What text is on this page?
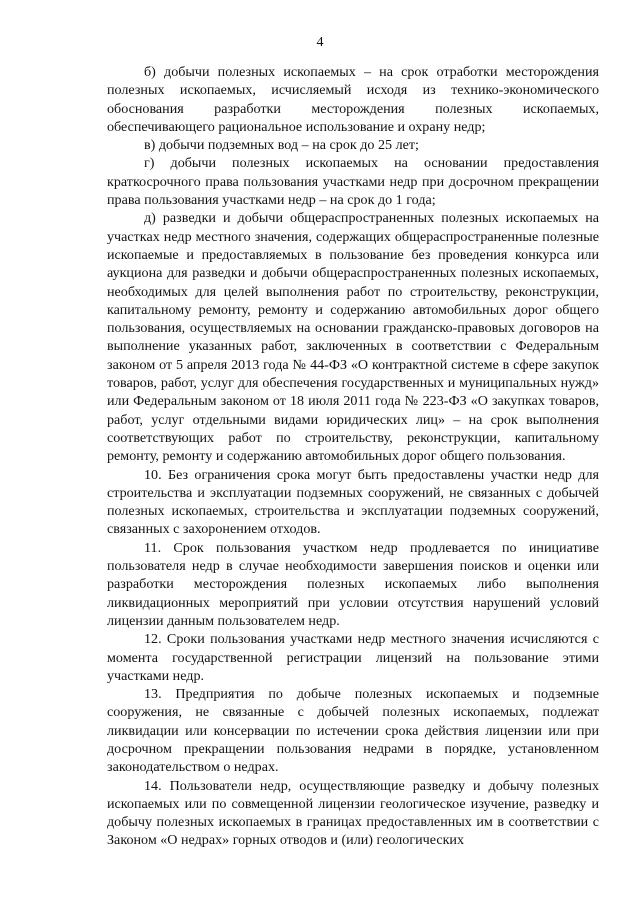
4

б) добычи полезных ископаемых – на срок отработки месторождения полезных ископаемых, исчисляемый исходя из технико-экономического обоснования разработки месторождения полезных ископаемых, обеспечивающего рациональное использование и охрану недр;

в) добычи подземных вод – на срок до 25 лет;

г) добычи полезных ископаемых на основании предоставления краткосрочного права пользования участками недр при досрочном прекращении права пользования участками недр – на срок до 1 года;

д) разведки и добычи общераспространенных полезных ископаемых на участках недр местного значения, содержащих общераспространенные полезные ископаемые и предоставляемых в пользование без проведения конкурса или аукциона для разведки и добычи общераспространенных полезных ископаемых, необходимых для целей выполнения работ по строительству, реконструкции, капитальному ремонту, ремонту и содержанию автомобильных дорог общего пользования, осуществляемых на основании гражданско-правовых договоров на выполнение указанных работ, заключенных в соответствии с Федеральным законом от 5 апреля 2013 года № 44-ФЗ «О контрактной системе в сфере закупок товаров, работ, услуг для обеспечения государственных и муниципальных нужд» или Федеральным законом от 18 июля 2011 года № 223-ФЗ «О закупках товаров, работ, услуг отдельными видами юридических лиц» – на срок выполнения соответствующих работ по строительству, реконструкции, капитальному ремонту, ремонту и содержанию автомобильных дорог общего пользования.

10. Без ограничения срока могут быть предоставлены участки недр для строительства и эксплуатации подземных сооружений, не связанных с добычей полезных ископаемых, строительства и эксплуатации подземных сооружений, связанных с захоронением отходов.

11. Срок пользования участком недр продлевается по инициативе пользователя недр в случае необходимости завершения поисков и оценки или разработки месторождения полезных ископаемых либо выполнения ликвидационных мероприятий при условии отсутствия нарушений условий лицензии данным пользователем недр.

12. Сроки пользования участками недр местного значения исчисляются с момента государственной регистрации лицензий на пользование этими участками недр.

13. Предприятия по добыче полезных ископаемых и подземные сооружения, не связанные с добычей полезных ископаемых, подлежат ликвидации или консервации по истечении срока действия лицензии или при досрочном прекращении пользования недрами в порядке, установленном законодательством о недрах.

14. Пользователи недр, осуществляющие разведку и добычу полезных ископаемых или по совмещенной лицензии геологическое изучение, разведку и добычу полезных ископаемых в границах предоставленных им в соответствии с Законом «О недрах» горных отводов и (или) геологических
